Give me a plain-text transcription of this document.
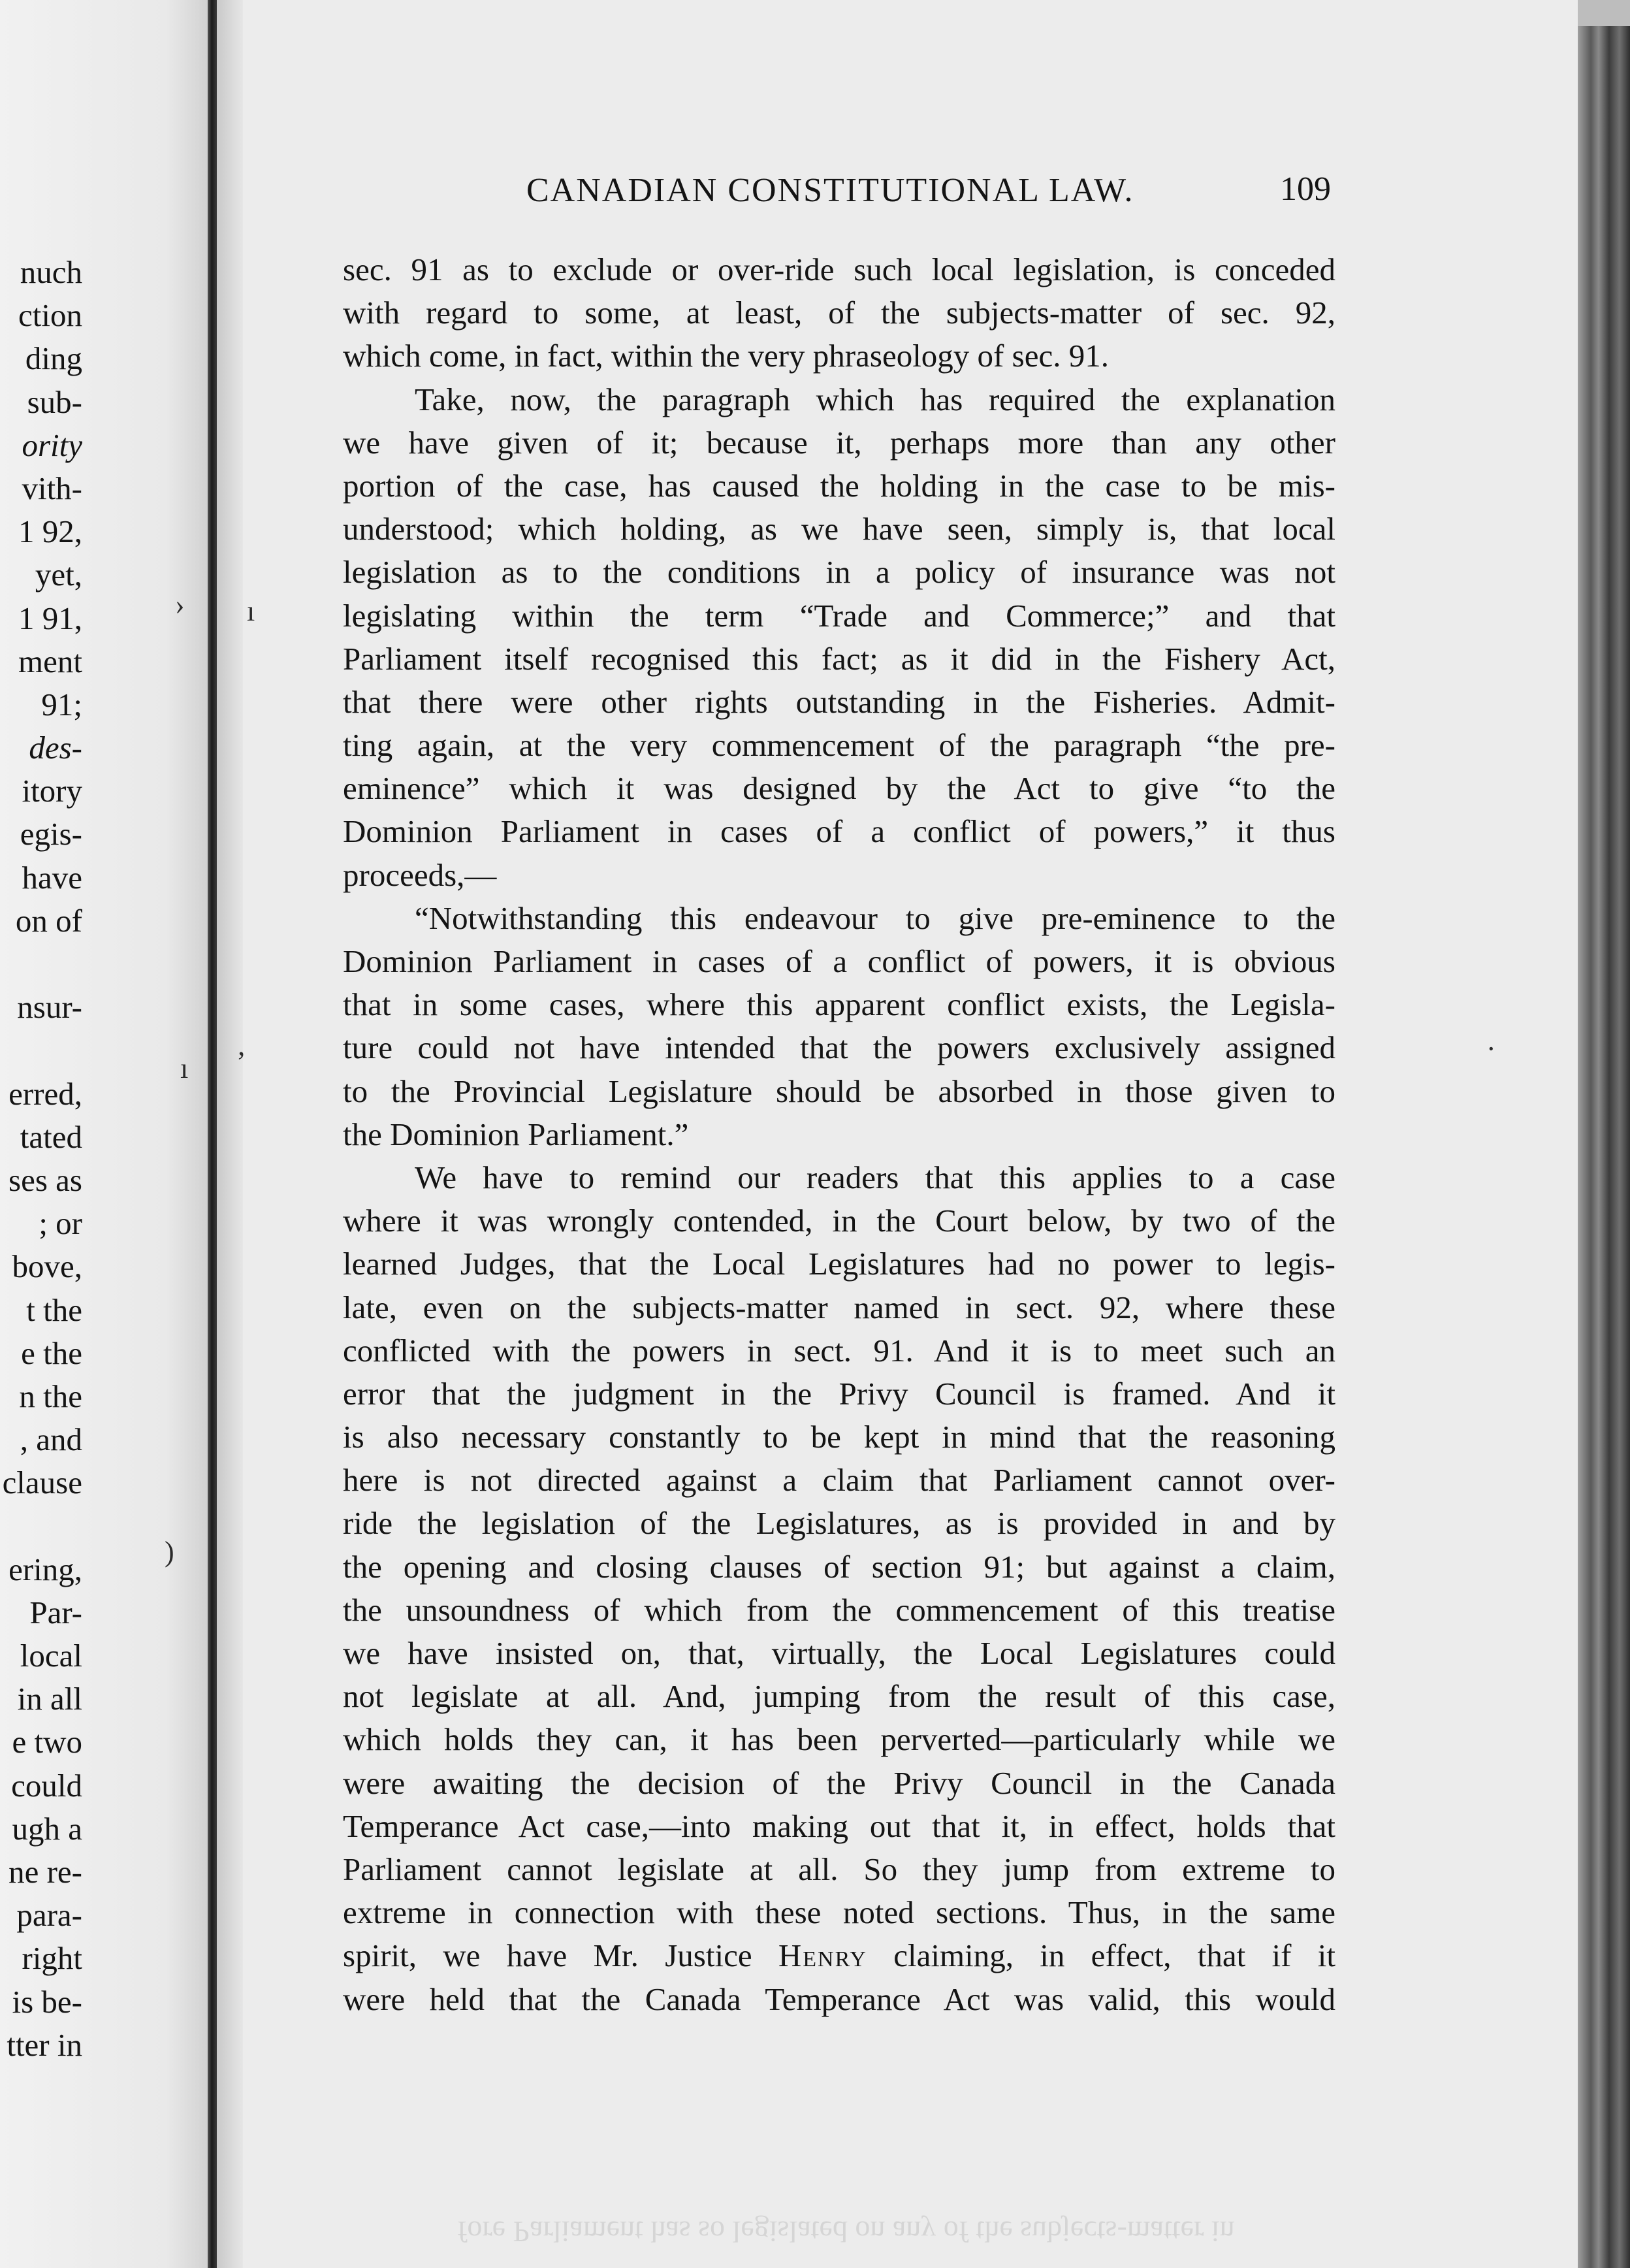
nuch
ction
ding
sub-
ority
vith-
1 92,
yet,
1 91,
ment
91;
des-
itory
egis-
have
on of
nsur-
erred,
tated
ses as
; or
bove,
t the
e the
n the
, and
clause
ering,
Par-
local
in all
e two
could
ugh a
ne re-
para-
right
is be-
tter in
CANADIAN CONSTITUTIONAL LAW.	109
sec. 91 as to exclude or over-ride such local legislation, is conceded
with regard to some, at least, of the subjects-matter of sec. 92,
which come, in fact, within the very phraseology of sec. 91.
Take, now, the paragraph which has required the explanation
we have given of it; because it, perhaps more than any other
portion of the case, has caused the holding in the case to be mis-
understood; which holding, as we have seen, simply is, that local
legislation as to the conditions in a policy of insurance was not
legislating within the term “Trade and Commerce;” and that
Parliament itself recognised this fact; as it did in the Fishery Act,
that there were other rights outstanding in the Fisheries. Admit-
ting again, at the very commencement of the paragraph “the pre-
eminence” which it was designed by the Act to give “to the
Dominion Parliament in cases of a conflict of powers,” it thus
proceeds,—
“Notwithstanding this endeavour to give pre-eminence to the
Dominion Parliament in cases of a conflict of powers, it is obvious
that in some cases, where this apparent conflict exists, the Legisla-
ture could not have intended that the powers exclusively assigned
to the Provincial Legislature should be absorbed in those given to
the Dominion Parliament.”
We have to remind our readers that this applies to a case
where it was wrongly contended, in the Court below, by two of the
learned Judges, that the Local Legislatures had no power to legis-
late, even on the subjects-matter named in sect. 92, where these
conflicted with the powers in sect. 91. And it is to meet such an
error that the judgment in the Privy Council is framed. And it
is also necessary constantly to be kept in mind that the reasoning
here is not directed against a claim that Parliament cannot over-
ride the legislation of the Legislatures, as is provided in and by
the opening and closing clauses of section 91; but against a claim,
the unsoundness of which from the commencement of this treatise
we have insisted on, that, virtually, the Local Legislatures could
not legislate at all. And, jumping from the result of this case,
which holds they can, it has been perverted—particularly while we
were awaiting the decision of the Privy Council in the Canada
Temperance Act case,—into making out that it, in effect, holds that
Parliament cannot legislate at all. So they jump from extreme to
extreme in connection with these noted sections. Thus, in the same
spirit, we have Mr. Justice Henry claiming, in effect, that if it
were held that the Canada Temperance Act was valid, this would
fore Parliament has so legislated on any of the subjects-matter in
› ı
ı ʼ
)
·
